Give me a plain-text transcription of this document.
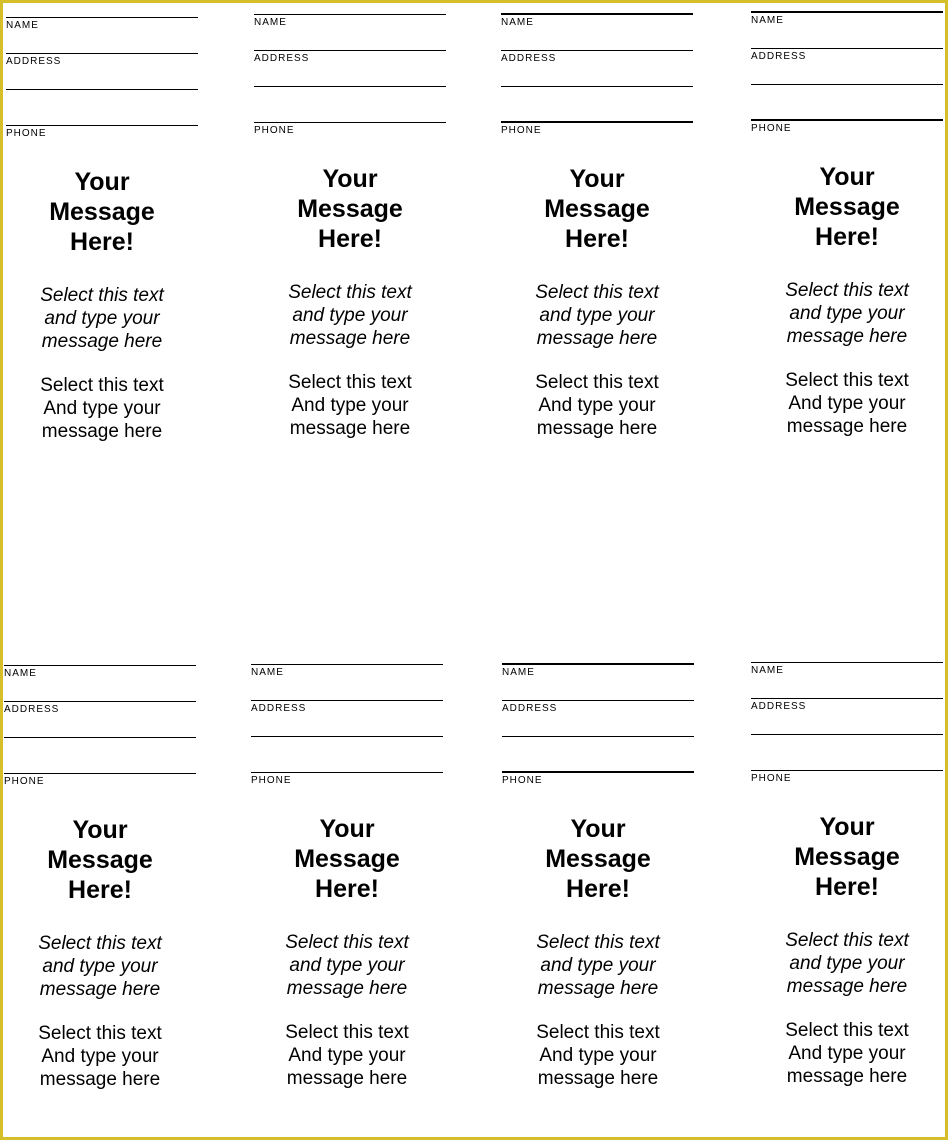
NAME
ADDRESS
PHONE
Your
Message
Here!
Select this text
and type your
message here
Select this text
And type your
message here
NAME
ADDRESS
PHONE
Your
Message
Here!
Select this text
and type your
message here
Select this text
And type your
message here
NAME
ADDRESS
PHONE
Your
Message
Here!
Select this text
and type your
message here
Select this text
And type your
message here
NAME
ADDRESS
PHONE
Your
Message
Here!
Select this text
and type your
message here
Select this text
And type your
message here
NAME
ADDRESS
PHONE
Your
Message
Here!
Select this text
and type your
message here
Select this text
And type your
message here
NAME
ADDRESS
PHONE
Your
Message
Here!
Select this text
and type your
message here
Select this text
And type your
message here
NAME
ADDRESS
PHONE
Your
Message
Here!
Select this text
and type your
message here
Select this text
And type your
message here
NAME
ADDRESS
PHONE
Your
Message
Here!
Select this text
and type your
message here
Select this text
And type your
message here
